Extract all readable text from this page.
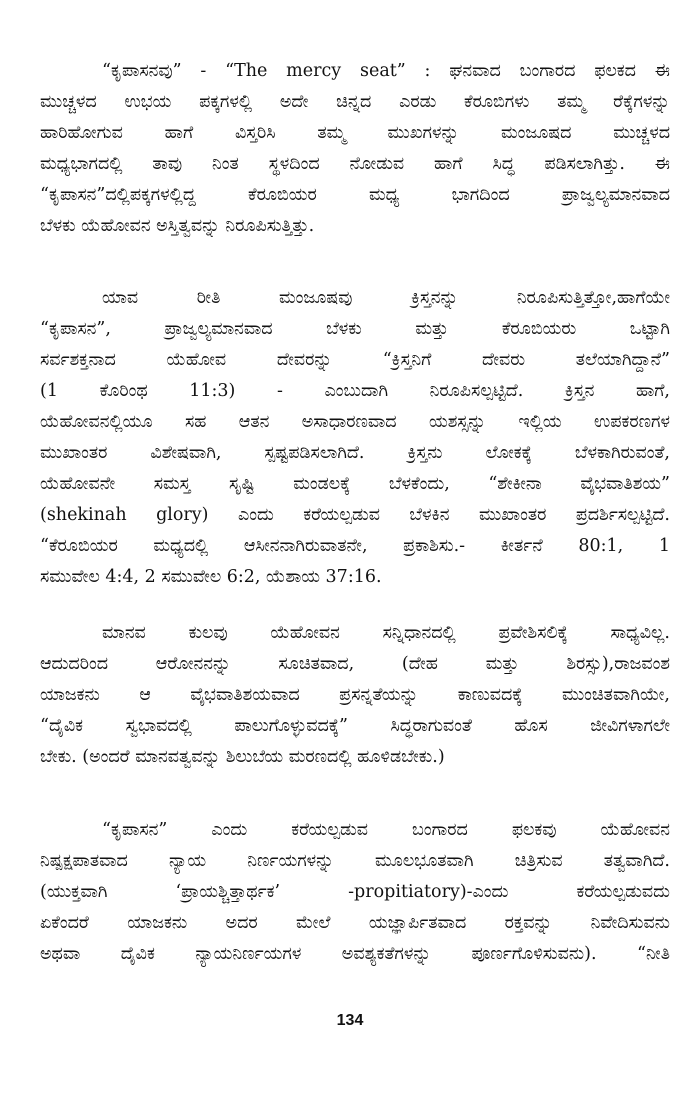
“ಕೃಪಾಸನವು” - “The mercy seat” : ಘನವಾದ ಬಂಗಾರದ ಫಲಕದ ಈ
ಮುಚ್ಚಳದ ಉಭಯ ಪಕ್ಕಗಳಲ್ಲಿ ಅದೇ ಚಿನ್ನದ ಎರಡು ಕೆರೂಬಿಗಳು ತಮ್ಮ ರೆಕ್ಕೆಗಳನ್ನು
ಹಾರಿಹೋಗುವ ಹಾಗೆ ವಿಸ್ತರಿಸಿ ತಮ್ಮ ಮುಖಗಳನ್ನು ಮಂಜೂಷದ ಮುಚ್ಚಳದ
ಮಧ್ಯಭಾಗದಲ್ಲಿ ತಾವು ನಿಂತ ಸ್ಥಳದಿಂದ ನೋಡುವ ಹಾಗೆ ಸಿದ್ಧ ಪಡಿಸಲಾಗಿತ್ತು. ಈ
“ಕೃಪಾಸನ”ದಲ್ಲಿಪಕ್ಕಗಳಲ್ಲಿದ್ದ ಕೆರೂಬಿಯರ ಮಧ್ಯ ಭಾಗದಿಂದ ಪ್ರಾಜ್ವಲ್ಯಮಾನವಾದ
ಬೆಳಕು ಯೆಹೋವನ ಅಸ್ತಿತ್ವವನ್ನು ನಿರೂಪಿಸುತ್ತಿತ್ತು.
ಯಾವ ರೀತಿ ಮಂಜೂಷವು ಕ್ರಿಸ್ತನನ್ನು ನಿರೂಪಿಸುತ್ತಿತ್ತೋ,ಹಾಗೆಯೇ
“ಕೃಪಾಸನ”, ಪ್ರಾಜ್ವಲ್ಯಮಾನವಾದ ಬೆಳಕು ಮತ್ತು ಕೆರೂಬಿಯರು ಒಟ್ಟಾಗಿ
ಸರ್ವಶಕ್ತನಾದ ಯೆಹೋವ ದೇವರನ್ನು “ಕ್ರಿಸ್ತನಿಗೆ ದೇವರು ತಲೆಯಾಗಿದ್ದಾನೆ”
(1 ಕೊರಿಂಥ 11:3) - ಎಂಬುದಾಗಿ ನಿರೂಪಿಸಲ್ಪಟ್ಟಿದೆ. ಕ್ರಿಸ್ತನ ಹಾಗೆ,
ಯೆಹೋವನಲ್ಲಿಯೂ ಸಹ ಆತನ ಅಸಾಧಾರಣವಾದ ಯಶಸ್ಸನ್ನು ಇಲ್ಲಿಯ ಉಪಕರಣಗಳ
ಮುಖಾಂತರ ವಿಶೇಷವಾಗಿ, ಸ್ಪಷ್ಟಪಡಿಸಲಾಗಿದೆ. ಕ್ರಿಸ್ತನು ಲೋಕಕ್ಕೆ ಬೆಳಕಾಗಿರುವಂತೆ,
ಯೆಹೋವನೇ ಸಮಸ್ತ ಸೃಷ್ಟಿ ಮಂಡಲಕ್ಕೆ ಬೆಳಕೆಂದು, “ಶೇಕೀನಾ ವೈಭವಾತಿಶಯ”
(shekinah glory) ಎಂದು ಕರೆಯಲ್ಪಡುವ ಬೆಳಕಿನ ಮುಖಾಂತರ ಪ್ರದರ್ಶಿಸಲ್ಪಟ್ಟಿದೆ.
“ಕೆರೂಬಿಯರ ಮಧ್ಯದಲ್ಲಿ ಆಸೀನನಾಗಿರುವಾತನೇ, ಪ್ರಕಾಶಿಸು.- ಕೀರ್ತನೆ 80:1, 1
ಸಮುವೇಲ 4:4, 2 ಸಮುವೇಲ 6:2, ಯೆಶಾಯ 37:16.
ಮಾನವ ಕುಲವು ಯೆಹೋವನ ಸನ್ನಿಧಾನದಲ್ಲಿ ಪ್ರವೇಶಿಸಲಿಕ್ಕೆ ಸಾಧ್ಯವಿಲ್ಲ.
ಆದುದರಿಂದ ಆರೋನನನ್ನು ಸೂಚಿತವಾದ, (ದೇಹ ಮತ್ತು ಶಿರಸ್ಸು),ರಾಜವಂಶ
ಯಾಜಕನು ಆ ವೈಭವಾತಿಶಯವಾದ ಪ್ರಸನ್ನತೆಯನ್ನು ಕಾಣುವದಕ್ಕೆ ಮುಂಚಿತವಾಗಿಯೇ,
“ದೈವಿಕ ಸ್ವಭಾವದಲ್ಲಿ ಪಾಲುಗೊಳ್ಳುವದಕ್ಕೆ” ಸಿದ್ಧರಾಗುವಂತೆ ಹೊಸ ಜೀವಿಗಳಾಗಲೇ
ಬೇಕು. (ಅಂದರೆ ಮಾನವತ್ವವನ್ನು ಶಿಲುಬೆಯ ಮರಣದಲ್ಲಿ ಹೂಳಿಡಬೇಕು.)
“ಕೃಪಾಸನ” ಎಂದು ಕರೆಯಲ್ಪಡುವ ಬಂಗಾರದ ಫಲಕವು ಯೆಹೋವನ
ನಿಷ್ಪಕ್ಷಪಾತವಾದ ನ್ಯಾಯ ನಿರ್ಣಯಗಳನ್ನು ಮೂಲಭೂತವಾಗಿ ಚಿತ್ರಿಸುವ ತತ್ವವಾಗಿದೆ.
(ಯುಕ್ತವಾಗಿ ‘ಪ್ರಾಯಶ್ಚಿತ್ತಾರ್ಥಕ’ -propitiatory)-ಎಂದು ಕರೆಯಲ್ಪಡುವದು
ಏಕೆಂದರೆ ಯಾಜಕನು ಅದರ ಮೇಲೆ ಯಜ್ಞಾರ್ಪಿತವಾದ ರಕ್ತವನ್ನು ನಿವೇದಿಸುವನು
ಅಥವಾ ದೈವಿಕ ನ್ಯಾಯನಿರ್ಣಯಗಳ ಅವಶ್ಯಕತೆಗಳನ್ನು ಪೂರ್ಣಗೊಳಿಸುವನು). “ನೀತಿ
134
